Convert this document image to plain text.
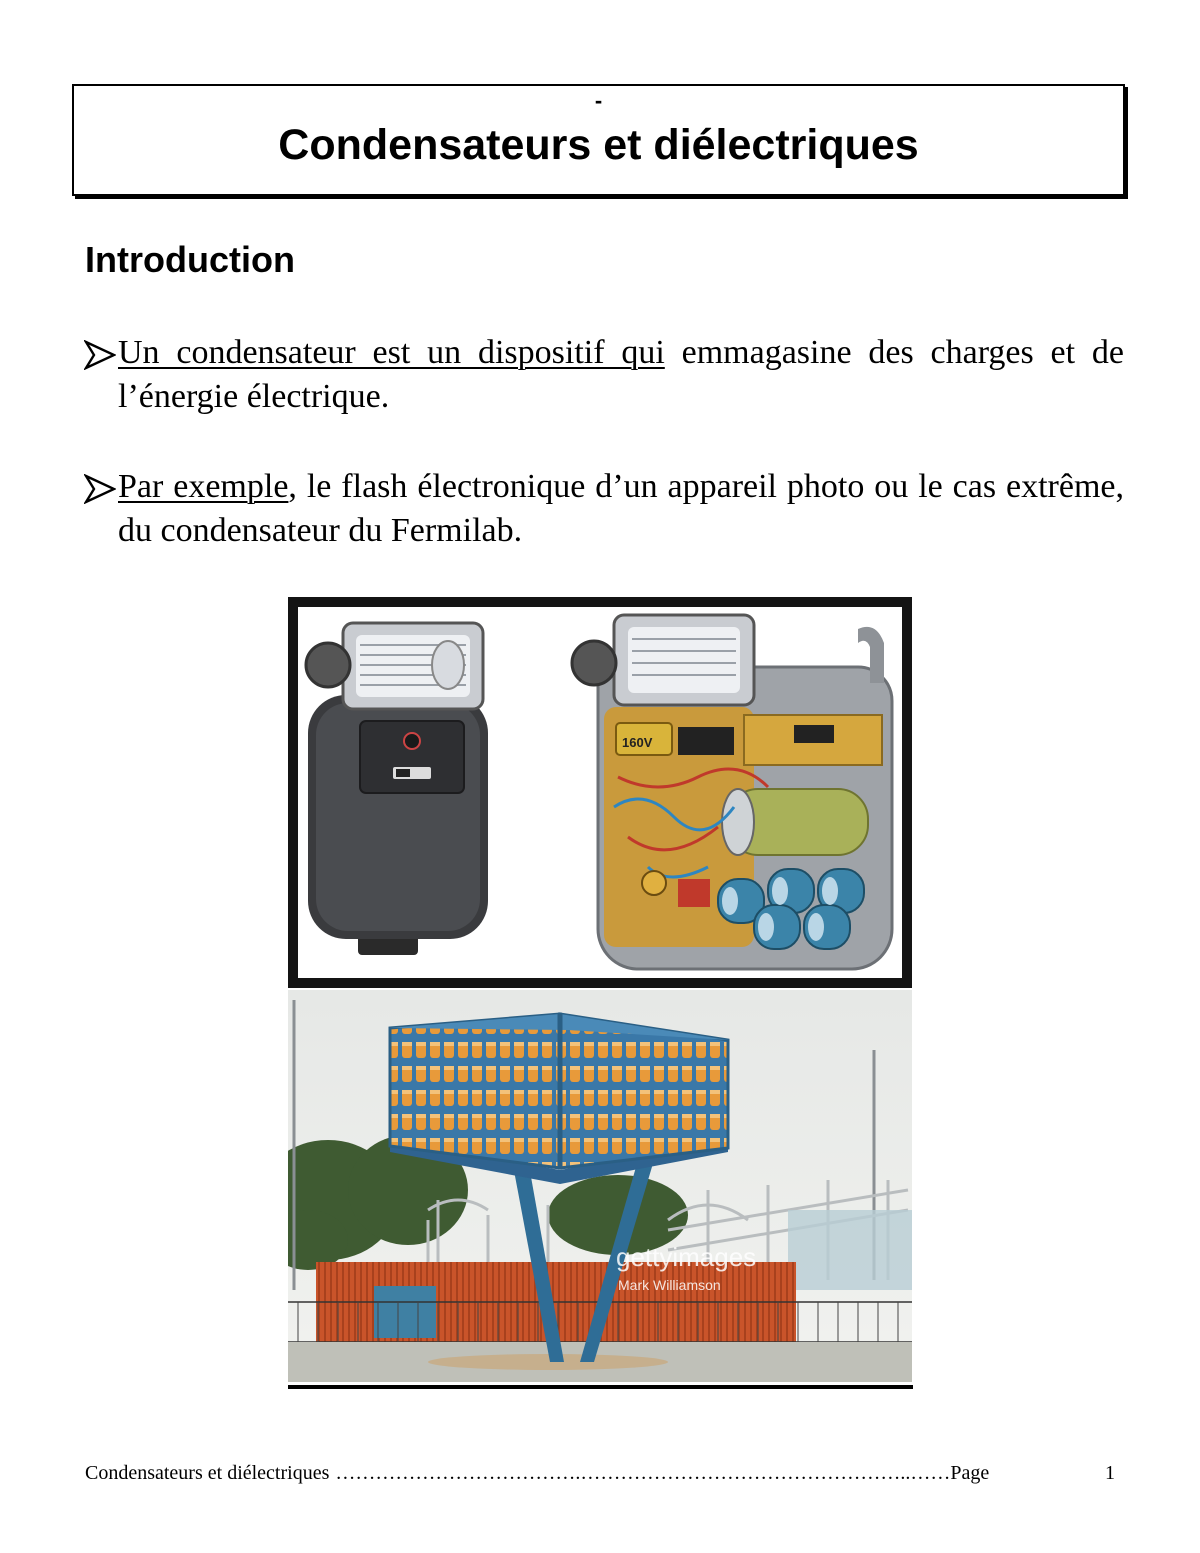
-
Condensateurs et diélectriques
Introduction
Un condensateur est un dispositif qui emmagasine des charges et de l’énergie électrique.
Par exemple, le flash électronique d’un appareil photo ou le cas extrême, du condensateur du Fermilab.
160V
gettyimages
Mark Williamson
Condensateurs et diélectriques ……………………………….…………………………………………..……Page	1
